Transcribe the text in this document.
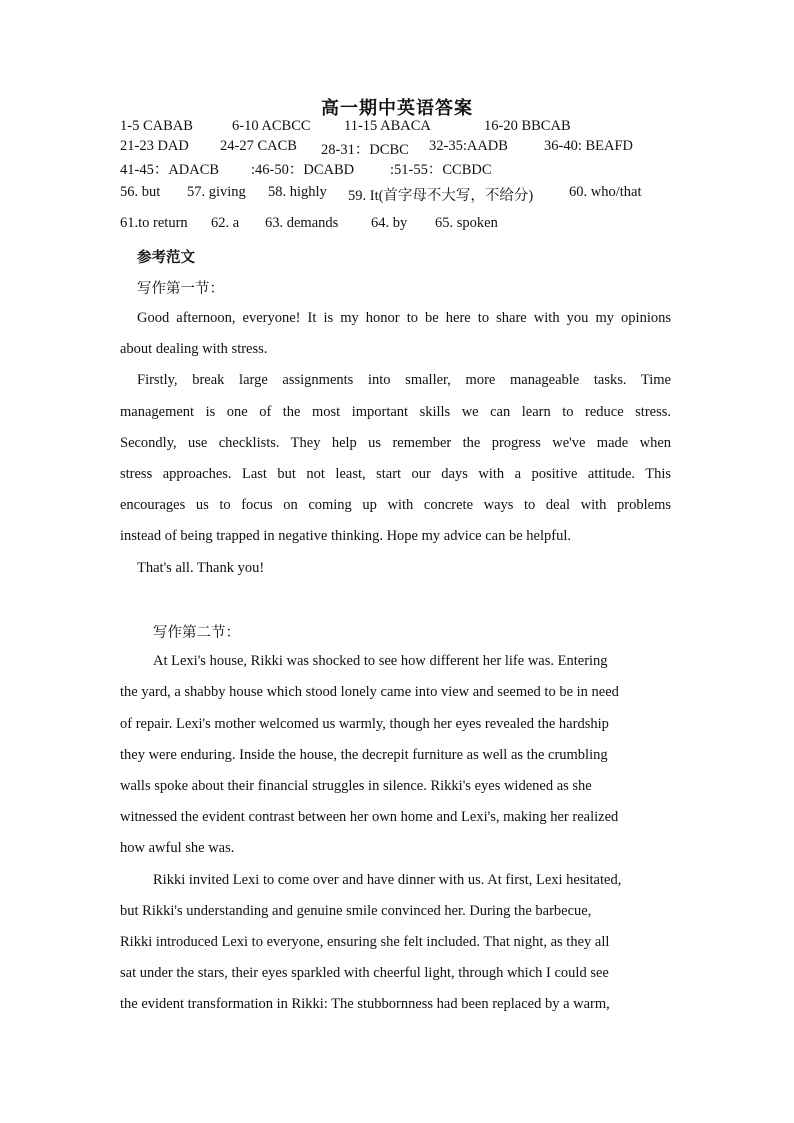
高一期中英语答案
1-5 CABAB	6-10 ACBCC 11-15 ABACA	16-20 BBCAB
21-23 DAD 24-27 CACB 28-31：DCBC 32-35:AADB 36-40: BEAFD
41-45：ADACB :46-50：DCABD :51-55：CCBDC
56. but 57. giving 58. highly 59. It(首字母不大写，不给分) 60. who/that
61.to return 62. a 63. demands 64. by 65. spoken
参考范文
写作第一节：
Good afternoon, everyone! It is my honor to be here to share with you my opinions
about dealing with stress.
Firstly, break large assignments into smaller, more manageable tasks. Time
management is one of the most important skills we can learn to reduce stress.
Secondly, use checklists. They help us remember the progress we've made when
stress approaches. Last but not least, start our days with a positive attitude. This
encourages us to focus on coming up with concrete ways to deal with problems
instead of being trapped in negative thinking. Hope my advice can be helpful.
That's all. Thank you!
写作第二节：
At Lexi's house, Rikki was shocked to see how different her life was. Entering
the yard, a shabby house which stood lonely came into view and seemed to be in need
of repair. Lexi's mother welcomed us warmly, though her eyes revealed the hardship
they were enduring. Inside the house, the decrepit furniture as well as the crumbling
walls spoke about their financial struggles in silence. Rikki's eyes widened as she
witnessed the evident contrast between her own home and Lexi's, making her realized
how awful she was.
Rikki invited Lexi to come over and have dinner with us. At first, Lexi hesitated,
but Rikki's understanding and genuine smile convinced her. During the barbecue,
Rikki introduced Lexi to everyone, ensuring she felt included. That night, as they all
sat under the stars, their eyes sparkled with cheerful light, through which I could see
the evident transformation in Rikki: The stubbornness had been replaced by a warm,
